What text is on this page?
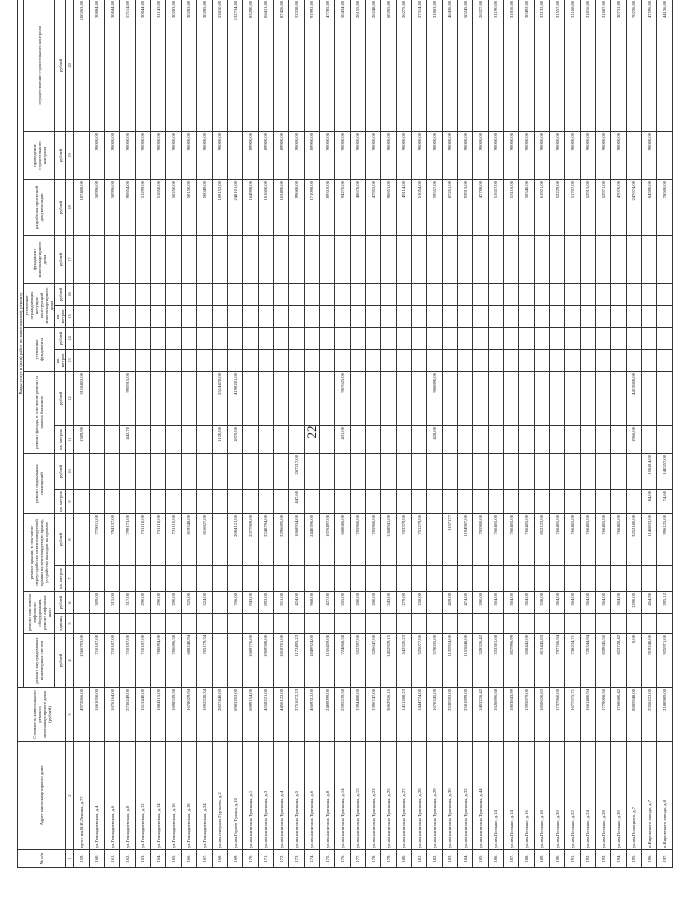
22
№ п/п	Адрес многоквартирного дома	Стоимость капитального ремонта многоквартирного дома (рублей)	Виды услуг и (или) работ по капитальному ремонту																
			ремонт внутридомовых инженерных систем	ремонт или замена лифтового оборудования, ремонт лифтовых шахт		ремонт крыши, в том числе переустройство невентилируемой крыши на вентилируемую крышу, устройство выходов на кровлю		ремонт подвальных помещений		ремонт фасада, в том числе ремонт и замена балконов		утепление фундамента		утепление ограждающих несущих конструкций многоквартирного дома		фундамент многоквартирного дома	разработка проектной документации	проведение строительного контроля	осуществление строительного контроля
			рублей	единиц	рублей	кв. метров	рублей	кв. метров	рублей	кв. метров	рублей	кв. метров	рублей	кв. метров	рублей	рублей	рублей	рублей	рублей
1	2	3	4	5	6	7	8	9	10	11	12	13	14	15	16	17	18	19	20
159.	пр-кт им.В.И.Ленина, д.77	4972866,00	1566793,00							1389,90	3118402,00						187488,00		100263,00
160.	ул.Геннадиевская, д.4	1661058,00	710187,00		309,00		779011,00										50996,00	90000,00	30884,00
161.	ул.Геннадиевская, д.6	1676164,00	710187,00		315,00		794137,00										50996,00	90000,00	30844,00
162.	ул.Геннадиевская, д.8	2736249,00	710187,00		317,00		799173,00			442,70	995915,00						90854,00	90000,00	57114,00
163.	ул.Геннадиевская, д.12	1613440,00	710187,00		290,00		731110,00										51299,00	90000,00	30844,00
164.	ул.Геннадиевская, д.14	1684115,00	780094,00		290,00		731110,00										51858,00	90000,00	31143,00
165.	ул.Геннадиевская, д.16	1698539,38	706696,38		290,00		731110,00										50250,00	90000,00	30283,00
166.	ул.Геннадиевская, д.18	1678029,94	688248,94		325,00		819348,00										50150,00	90000,00	30283,00
167.	ул.Геннадиевская, д.24	1692338,34	705179,34		324,00		816827,00										50049,00	90000,00	30285,00
168.	ул.им.генерала Гуртьева, д.2	2827440,00								1120,00	2514478,00						169152,00	90000,00	53810,00
169.	ул.им.Героев Тулака, д.10	6983202,00			706,00		2084121,00			1870,00	4198281,00						248101,00		132734,00
170.	ул.им.капитана Тряскина, д.1	6099154,00	1669776,00		943,00		2377969,00										164998,00	89900,00	83290,00
171.	ул.им.капитана Тряскина, д.3	4558221,00	1969598,00		892,00		2248794,00										161600,00	89900,00	86411,00
172.	ул.им.капитана Тряскина, д.4	4456122,00	1818701,00		911,00		2296695,00										163490,00	89900,00	87426,00
173.	ул.им.капитана Тряскина, д.5	2751672,23	1172495,23		424,00		1068934,00	447,60	267217,00								99688,00	90000,00	53338,00
174.	ул.им.капитана Тряскина, д.6	4669312,00	1849924,00		968,00		2440396,00										171098,00	89900,00	91992,00
175.	ул.им.капитана Тряскина, д.8	2460099,00	1156459,00		427,00		1076497,00										89318,00	90000,00	47785,00
176.	ул.им.капитана Тряскина, д.14	2595239,58	724868,58		265,00		668086,00			431,00	967625,00						94270,00	90000,00	50434,00
177.	ул.им.капитана Тряскина, д.15	1394480,00	552397,00		280,00		705900,00										48678,00	90000,00	26155,00
178.	ул.им.капитана Тряскина, д.23	1396747,00	520647,00		280,00		705900,00										47952,00	90000,00	26248,00
179.	ул.им.капитана Тряскина, д.25	3062926,15	1452929,15		543,00		1368941,00										90851,00	90000,00	60205,00
180.	ул.им.капитана Тряскина, д.27	1411288,23	542520,23		279,00		703379,00										49114,00	90000,00	26275,00
181.	ул.им.капитана Тряскина, д.28	1444724,00	525077,00		258,00		751279,00										51054,00	90000,00	27314,00
182.	ул.им.капитана Тряскина, д.29	1670345,00	578035,00							428,00	960890,00						59557,00	90000,00	31863,00
183.	ул.им.капитана Тряскина, д.30	2530592,00	1135924,00		459,00		1157177										87261,00	90000,00	46436,00
184.	ул.им.капитана Тряскина, д.32	2581899,00	1155848,00		474,00		1194987,00										93913,00	90000,00	50245,00
185.	ул.им.капитана Тряскина, д.44	1403226,42	528326,42		280,00		705900,00										47798,00	90000,00	26327,00
186.	ул.им.Пельше, д.14	1626896,68	533301,68		304,00		766405,00										51657,00	90000,00	31190,00
187.	ул.им.Пельше, д.14	1803843,99	857996,99		304,00		766405,00										53116,00	90000,00	31816,00
188.	ул.им.Пельше, д.16	1595879,00	658442,00		304,00		766405,00										50540,00	90000,00	30492,00
189.	ул.им.Пельше, д.18	1850620,83	813445,83		338,00		852123,00										61921,00	90000,00	33132,00
190.	ул.им.Пельше, д.20	1737960,00	797760,94		304,00		766405,00										52229,00	90000,00	31557,00
191.	ул.им.Пельше, д.22	1677575,71	738234,71		304,00		766405,00										51707,00	90000,00	31168,00
192.	ул.им.Пельше, д.24	1661480,94	720344,94		304,00		766405,00										52913,00	90000,00	31816,00
193.	ул.им.Пельше, д.28	1779008,50	839045,50		304,00		766405,00										52971,00	90000,00	31687,00
194.	ул.им.Пельше, д.30	1760680,42	823728,42		304,00		766405,00										47070,00	90000,00	30731,00
195.	ул.им.Полоцкого, д.7	8085948,00	0,00		1290,00		3252180,00			1966,00	4413808,00						247674,00		70236,00
196.	п.Кировского завода, д.7	2356222,00	919248,00		454,90		1146833,00	84,00	150414,00								84590,00	90000,00	47596,00
197.	п.Кировского завода, д.8	2180989,00	925971,00		395,12		996125,00	74,60	140357,00								78500,00		44136,00
